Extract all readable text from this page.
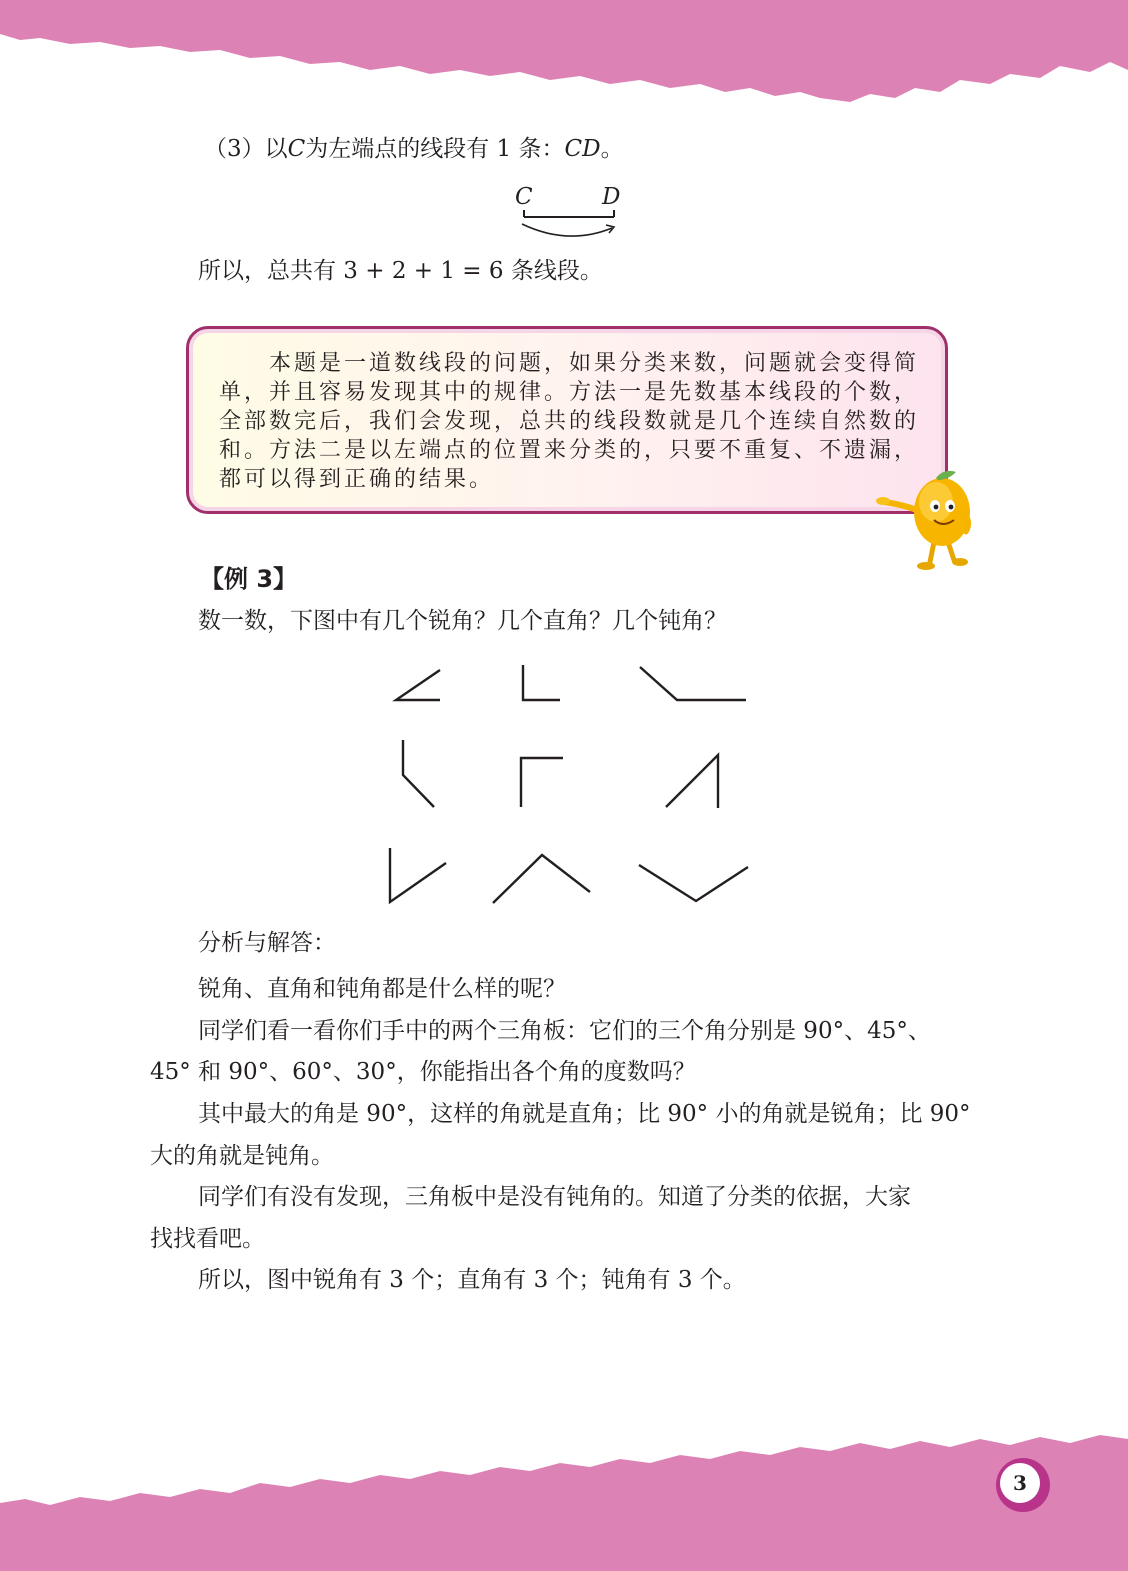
（3）以C为左端点的线段有 1 条：CD。
C	D
所以，总共有 3 + 2 + 1 = 6 条线段。
　　本题是一道数线段的问题，如果分类来数，问题就会变得简
单，并且容易发现其中的规律。方法一是先数基本线段的个数，
全部数完后，我们会发现，总共的线段数就是几个连续自然数的
和。方法二是以左端点的位置来分类的，只要不重复、不遗漏，
都可以得到正确的结果。
【例 3】
数一数，下图中有几个锐角？几个直角？几个钝角？
分析与解答：
锐角、直角和钝角都是什么样的呢？
同学们看一看你们手中的两个三角板：它们的三个角分别是 90°、45°、
45° 和 90°、60°、30°，你能指出各个角的度数吗？
其中最大的角是 90°，这样的角就是直角；比 90° 小的角就是锐角；比 90°
大的角就是钝角。
同学们有没有发现，三角板中是没有钝角的。知道了分类的依据，大家
找找看吧。
所以，图中锐角有 3 个；直角有 3 个；钝角有 3 个。
3
